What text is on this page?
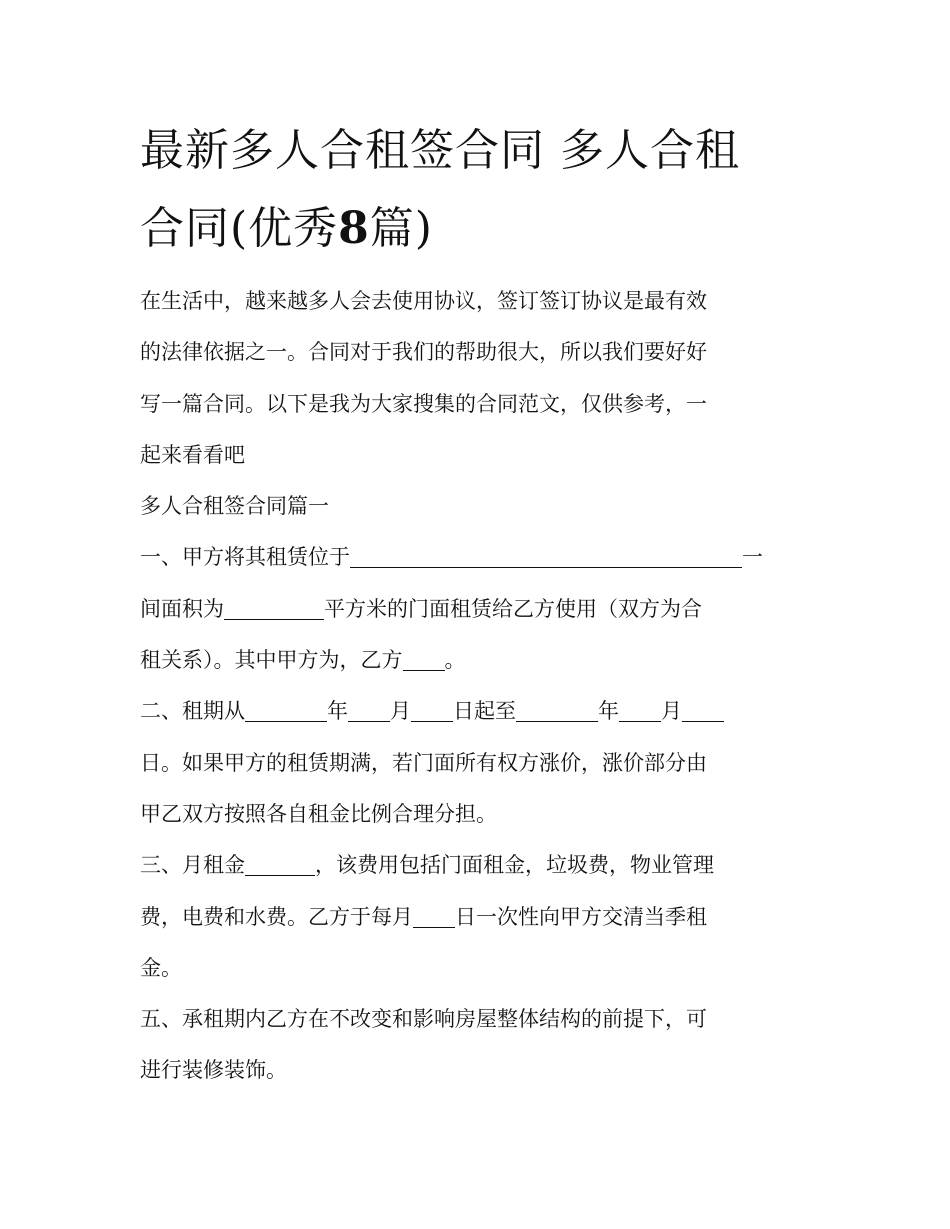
最新多人合租签合同 多人合租
合同(优秀8篇)

在生活中，越来越多人会去使用协议，签订签订协议是最有效
的法律依据之一。合同对于我们的帮助很大，所以我们要好好
写一篇合同。以下是我为大家搜集的合同范文，仅供参考，一
起来看看吧

多人合租签合同篇一

一、甲方将其租赁位于	一
间面积为	平方米的门面租赁给乙方使用（双方为合
租关系）。其中甲方为，乙方 。

二、租期从	年 月 日起至	年 月
日。如果甲方的租赁期满，若门面所有权方涨价，涨价部分由
甲乙双方按照各自租金比例合理分担。

三、月租金	，该费用包括门面租金，垃圾费，物业管理
费，电费和水费。乙方于每月 日一次性向甲方交清当季租
金。

五、承租期内乙方在不改变和影响房屋整体结构的前提下，可
进行装修装饰。
